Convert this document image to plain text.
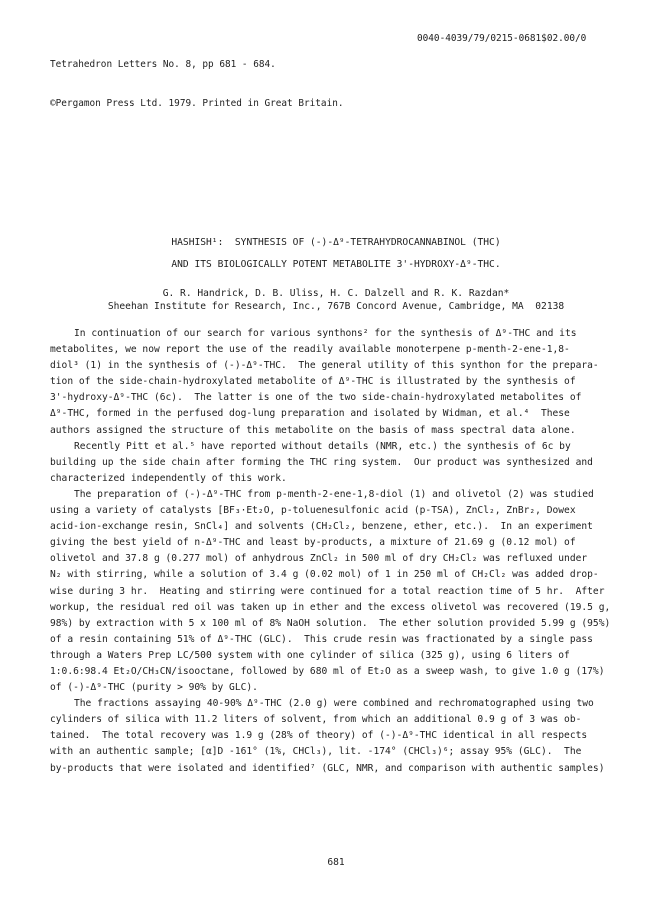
Tetrahedron Letters No. 8, pp 681 - 684.

©Pergamon Press Ltd. 1979. Printed in Great Britain.

0040-4039/79/0215-0681$02.00/0
HASHISH¹:  SYNTHESIS OF (-)-Δ⁹-TETRAHYDROCANNABINOL (THC)
AND ITS BIOLOGICALLY POTENT METABOLITE 3'-HYDROXY-Δ⁹-THC.
G. R. Handrick, D. B. Uliss, H. C. Dalzell and R. K. Razdan*
Sheehan Institute for Research, Inc., 767B Concord Avenue, Cambridge, MA  02138
In continuation of our search for various synthons² for the synthesis of Δ⁹-THC and its
metabolites, we now report the use of the readily available monoterpene p-menth-2-ene-1,8-
diol³ (1) in the synthesis of (-)-Δ⁹-THC.  The general utility of this synthon for the prepara-
tion of the side-chain-hydroxylated metabolite of Δ⁹-THC is illustrated by the synthesis of
3'-hydroxy-Δ⁹-THC (6c).  The latter is one of the two side-chain-hydroxylated metabolites of
Δ⁹-THC, formed in the perfused dog-lung preparation and isolated by Widman, et al.⁴  These
authors assigned the structure of this metabolite on the basis of mass spectral data alone.
Recently Pitt et al.⁵ have reported without details (NMR, etc.) the synthesis of 6c by
building up the side chain after forming the THC ring system.  Our product was synthesized and
characterized independently of this work.
The preparation of (-)-Δ⁹-THC from p-menth-2-ene-1,8-diol (1) and olivetol (2) was studied
using a variety of catalysts [BF₃·Et₂O, p-toluenesulfonic acid (p-TSA), ZnCl₂, ZnBr₂, Dowex
acid-ion-exchange resin, SnCl₄] and solvents (CH₂Cl₂, benzene, ether, etc.).  In an experiment
giving the best yield of n-Δ⁹-THC and least by-products, a mixture of 21.69 g (0.12 mol) of
olivetol and 37.8 g (0.277 mol) of anhydrous ZnCl₂ in 500 ml of dry CH₂Cl₂ was refluxed under
N₂ with stirring, while a solution of 3.4 g (0.02 mol) of 1 in 250 ml of CH₂Cl₂ was added drop-
wise during 3 hr.  Heating and stirring were continued for a total reaction time of 5 hr.  After
workup, the residual red oil was taken up in ether and the excess olivetol was recovered (19.5 g,
98%) by extraction with 5 x 100 ml of 8% NaOH solution.  The ether solution provided 5.99 g (95%)
of a resin containing 51% of Δ⁹-THC (GLC).  This crude resin was fractionated by a single pass
through a Waters Prep LC/500 system with one cylinder of silica (325 g), using 6 liters of
1:0.6:98.4 Et₂O/CH₃CN/isooctane, followed by 680 ml of Et₂O as a sweep wash, to give 1.0 g (17%)
of (-)-Δ⁹-THC (purity > 90% by GLC).
The fractions assaying 40-90% Δ⁹-THC (2.0 g) were combined and rechromatographed using two
cylinders of silica with 11.2 liters of solvent, from which an additional 0.9 g of 3 was ob-
tained.  The total recovery was 1.9 g (28% of theory) of (-)-Δ⁹-THC identical in all respects
with an authentic sample; [α]D -161° (1%, CHCl₃), lit. -174° (CHCl₃)⁶; assay 95% (GLC).  The
by-products that were isolated and identified⁷ (GLC, NMR, and comparison with authentic samples)
681
